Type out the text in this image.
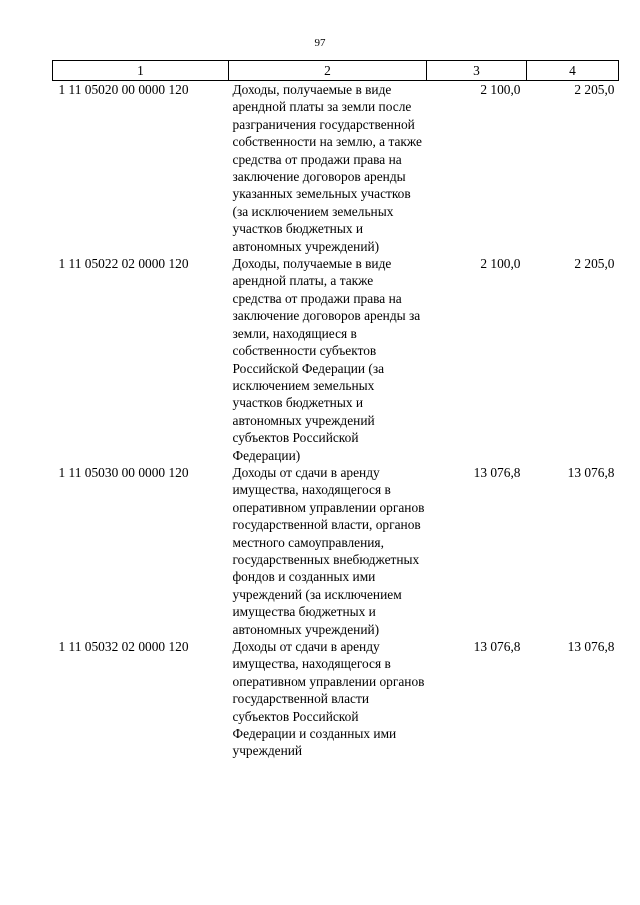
97
1	2	3	4
1 11 05020 00 0000 120	Доходы, получаемые в виде арендной платы за земли после разграничения государственной собственности на землю, а также средства от продажи права на заключение договоров аренды указанных земельных участков (за исключением земельных участков бюджетных и автономных учреждений)	2 100,0	2 205,0
1 11 05022 02 0000 120	Доходы, получаемые в виде арендной платы, а также средства от продажи права на заключение договоров аренды за земли, находящиеся в собственности субъектов Российской Федерации (за исключением земельных участков бюджетных и автономных учреждений субъектов Российской Федерации)	2 100,0	2 205,0
1 11 05030 00 0000 120	Доходы от сдачи в аренду имущества, находящегося в оперативном управлении органов государственной власти, органов местного самоуправления, государственных внебюджетных фондов и созданных ими учреждений (за исключением имущества бюджетных и автономных учреждений)	13 076,8	13 076,8
1 11 05032 02 0000 120	Доходы от сдачи в аренду имущества, находящегося в оперативном управлении органов государственной власти субъектов Российской Федерации и созданных ими учреждений	13 076,8	13 076,8
